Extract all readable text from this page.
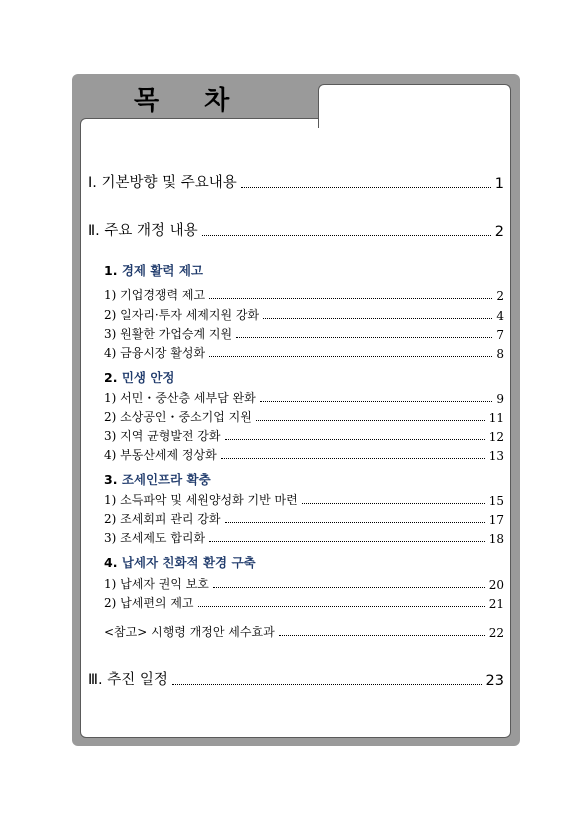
목 차
Ⅰ. 기본방향 및 주요내용	1
Ⅱ. 주요 개정 내용	2
1. 경제 활력 제고
1) 기업경쟁력 제고	2
2) 일자리·투자 세제지원 강화	4
3) 원활한 가업승계 지원	7
4) 금융시장 활성화	8
2. 민생 안정
1) 서민・중산층 세부담 완화	9
2) 소상공인・중소기업 지원	11
3) 지역 균형발전 강화	12
4) 부동산세제 정상화	13
3. 조세인프라 확충
1) 소득파악 및 세원양성화 기반 마련	15
2) 조세회피 관리 강화	17
3) 조세제도 합리화	18
4. 납세자 친화적 환경 구축
1) 납세자 권익 보호	20
2) 납세편의 제고	21
<참고> 시행령 개정안 세수효과	22
Ⅲ. 추진 일정	23
